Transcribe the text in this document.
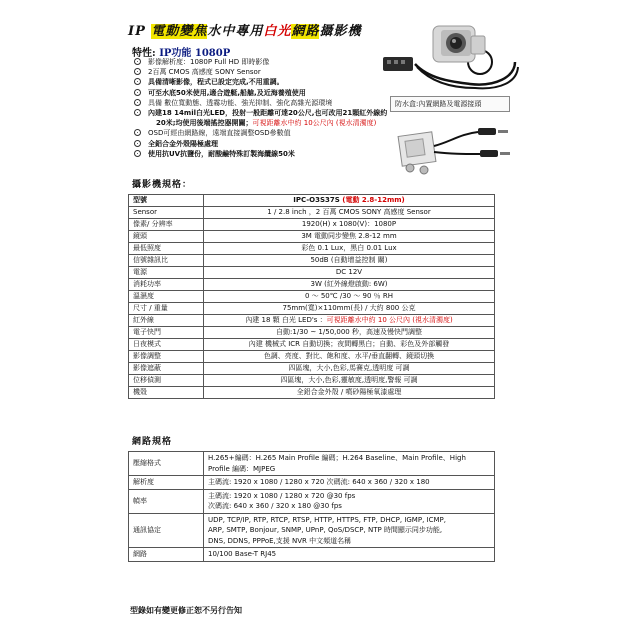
IP 電動變焦水中專用白光網路攝影機
特性: IP功能 1080P
影像解析度：1080P Full HD 即時影像
2百萬 CMOS 高感度 SONY Sensor
具備清晰影像，程式已設定完成,不用重調。
可至水底50米使用,適合遊艇,船艙,及近海養殖使用
具備 數位寬動態、透霧功能、強光抑制、強化高雜光源環境
內建18 14mil白光LED，投射一般距離可達20公尺,也可改用21顆紅外線約
20米;均使用後端搖控器開關；可視距離水中約 10公尺內 (視水清濁度)
OSD可經由網路線，遠端直接調整OSD參數值
全鋁合金外殼陽極處理
使用抗UV抗鹽份，耐酸鹼特殊訂製海纜線50米
防水盒:內置網路及電源接頭
攝影機規格：
型號	IPC-O3S37S (電動 2.8-12mm)
Sensor	1 / 2.8 inch ，2 百萬 CMOS SONY 高感度 Sensor
像素/ 分辨率	1920(H) x 1080(V)：1080P
鏡頭	3M 電動同步變焦 2.8-12 mm
最低照度	彩色 0.1 Lux，黑白 0.01 Lux
信號雜訊比	50dB (自動增益控制 關)
電源	DC 12V
消耗功率	3W (紅外線燈啟動: 6W)
溫濕度	0 ～ 50℃ /30 ～ 90 ％ RH
尺寸 / 重量	75mm(寬)×110mm(長) / 大約 800 公克
紅外線	內建 18 顆 白光 LED's ：可視距離水中約 10 公尺內 (視水清濁度)
電子快門	自動:1/30 ~ 1/50,000 秒，高速及慢快門調整
日夜模式	內建 機械式 ICR 自動切換；夜間轉黑白；自動、彩色及外部觸發
影像調整	色調、亮度、對比、飽和度、水平/垂直翻轉、鏡頭切換
影像遮蔽	四區塊，大小,色彩,馬賽克,透明度 可調
位移偵測	四區塊，大小,色彩,靈敏度,透明度,警報 可調
機殼	全鋁合金外殼 / 噴砂陽極氧漆處理
網路規格
壓縮格式	H.265+編碼：H.265 Main Profile 編碼；H.264 Baseline、Main Profile、High
Profile 編碼：MJPEG

解析度	主碼流: 1920 x 1080 / 1280 x 720 次碼流: 640 x 360 / 320 x 180

幀率	主碼流: 1920 x 1080 / 1280 x 720 @30 fps
次碼流: 640 x 360 / 320 x 180 @30 fps

通訊協定	UDP, TCP/IP, RTP, RTCP, RTSP, HTTP, HTTPS, FTP, DHCP, IGMP, ICMP,
ARP, SMTP, Bonjour, SNMP, UPnP, QoS/DSCP, NTP 時間顯示同步功能,
DNS, DDNS, PPPoE,支援 NVR 中文頻道名稱

網路	10/100 Base-T RJ45
型錄如有變更修正恕不另行告知
